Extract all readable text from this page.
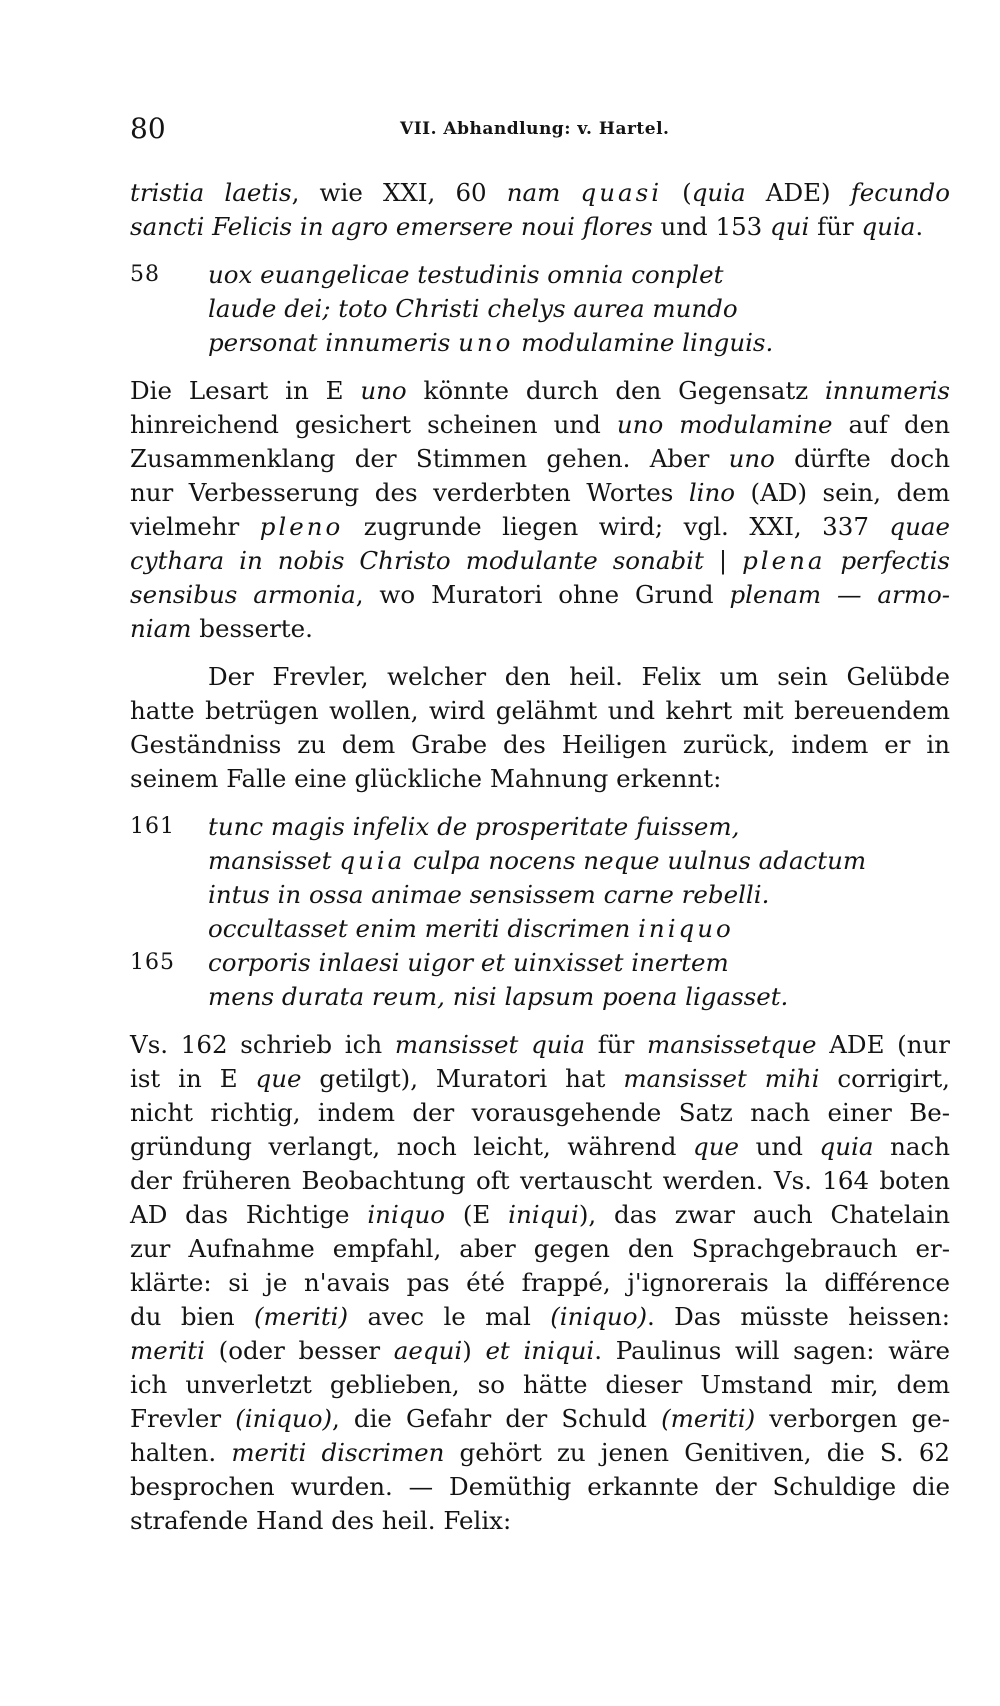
80	VII. Abhandlung: v. Hartel.
tristia laetis, wie XXI, 60 nam quasi (quia ADE) fecundo
sancti Felicis in agro emersere noui flores und 153 qui für quia.
58 uox euangelicae testudinis omnia conplet
laude dei; toto Christi chelys aurea mundo
personat innumeris uno modulamine linguis.
Die Lesart in E uno könnte durch den Gegensatz innumeris
hinreichend gesichert scheinen und uno modulamine auf den
Zusammenklang der Stimmen gehen. Aber uno dürfte doch
nur Verbesserung des verderbten Wortes lino (AD) sein, dem
vielmehr pleno zugrunde liegen wird; vgl. XXI, 337 quae
cythara in nobis Christo modulante sonabit | plena perfectis
sensibus armonia, wo Muratori ohne Grund plenam — armo-
niam besserte.
Der Frevler, welcher den heil. Felix um sein Gelübde
hatte betrügen wollen, wird gelähmt und kehrt mit bereuendem
Geständniss zu dem Grabe des Heiligen zurück, indem er in
seinem Falle eine glückliche Mahnung erkennt:
161 tunc magis infelix de prosperitate fuissem,
mansisset quia culpa nocens neque uulnus adactum
intus in ossa animae sensissem carne rebelli.
occultasset enim meriti discrimen iniquo
165 corporis inlaesi uigor et uinxisset inertem
mens durata reum, nisi lapsum poena ligasset.
Vs. 162 schrieb ich mansisset quia für mansissetque ADE (nur
ist in E que getilgt), Muratori hat mansisset mihi corrigirt,
nicht richtig, indem der vorausgehende Satz nach einer Be-
gründung verlangt, noch leicht, während que und quia nach
der früheren Beobachtung oft vertauscht werden. Vs. 164 boten
AD das Richtige iniquo (E iniqui), das zwar auch Chatelain
zur Aufnahme empfahl, aber gegen den Sprachgebrauch er-
klärte: si je n'avais pas été frappé, j'ignorerais la différence
du bien (meriti) avec le mal (iniquo). Das müsste heissen:
meriti (oder besser aequi) et iniqui. Paulinus will sagen: wäre
ich unverletzt geblieben, so hätte dieser Umstand mir, dem
Frevler (iniquo), die Gefahr der Schuld (meriti) verborgen ge-
halten. meriti discrimen gehört zu jenen Genitiven, die S. 62
besprochen wurden. — Demüthig erkannte der Schuldige die
strafende Hand des heil. Felix:
